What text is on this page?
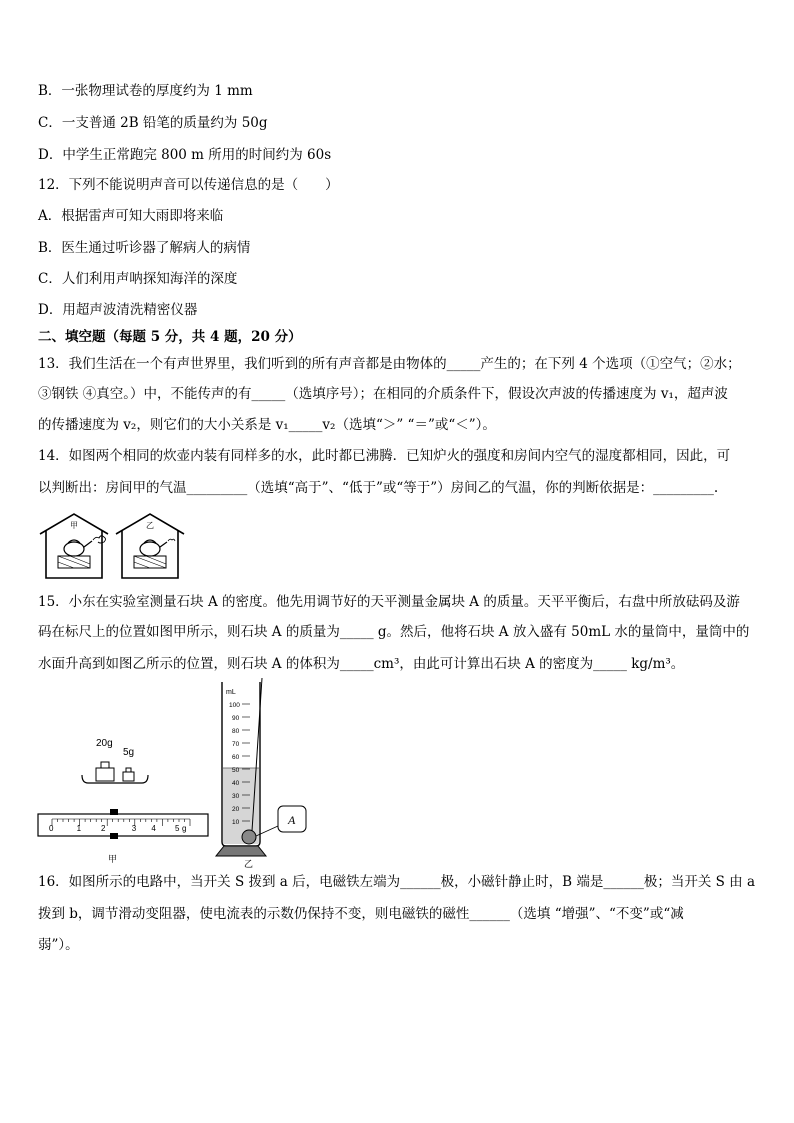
B．一张物理试卷的厚度约为 1 mm
C．一支普通 2B 铅笔的质量约为 50g
D．中学生正常跑完 800 m 所用的时间约为 60s
12．下列不能说明声音可以传递信息的是（　　）
A．根据雷声可知大雨即将来临
B．医生通过听诊器了解病人的病情
C．人们利用声呐探知海洋的深度
D．用超声波清洗精密仪器
二、填空题（每题 5 分，共 4 题，20 分）
13．我们生活在一个有声世界里，我们听到的所有声音都是由物体的_____产生的；在下列 4 个选项（①空气；②水；
③钢铁 ④真空。）中，不能传声的有_____（选填序号）；在相同的介质条件下，假设次声波的传播速度为 v₁，超声波
的传播速度为 v₂，则它们的大小关系是 v₁_____v₂（选填“＞” “＝”或“＜”）。
14．如图两个相同的炊壶内装有同样多的水，此时都已沸腾．已知炉火的强度和房间内空气的湿度都相同，因此，可
以判断出：房间甲的气温_________（选填“高于”、“低于”或“等于”）房间乙的气温，你的判断依据是：_________.
甲	乙
15．小东在实验室测量石块 A 的密度。他先用调节好的天平测量金属块 A 的质量。天平平衡后，右盘中所放砝码及游
码在标尺上的位置如图甲所示，则石块 A 的质量为_____ g。然后，他将石块 A 放入盛有 50mL 水的量筒中，量筒中的
水面升高到如图乙所示的位置，则石块 A 的体积为_____cm³，由此可计算出石块 A 的密度为_____ kg/m³。
20g
5g
0	1 2	3 4 5 g
甲
mL
100
90
80
70
60
50
40
30
20
10	A
乙
16．如图所示的电路中，当开关 S 拨到 a 后，电磁铁左端为______极，小磁针静止时，B 端是______极；当开关 S 由 a
拨到 b，调节滑动变阻器，使电流表的示数仍保持不变，则电磁铁的磁性______（选填 “增强”、“不变”或“减
弱”）。
